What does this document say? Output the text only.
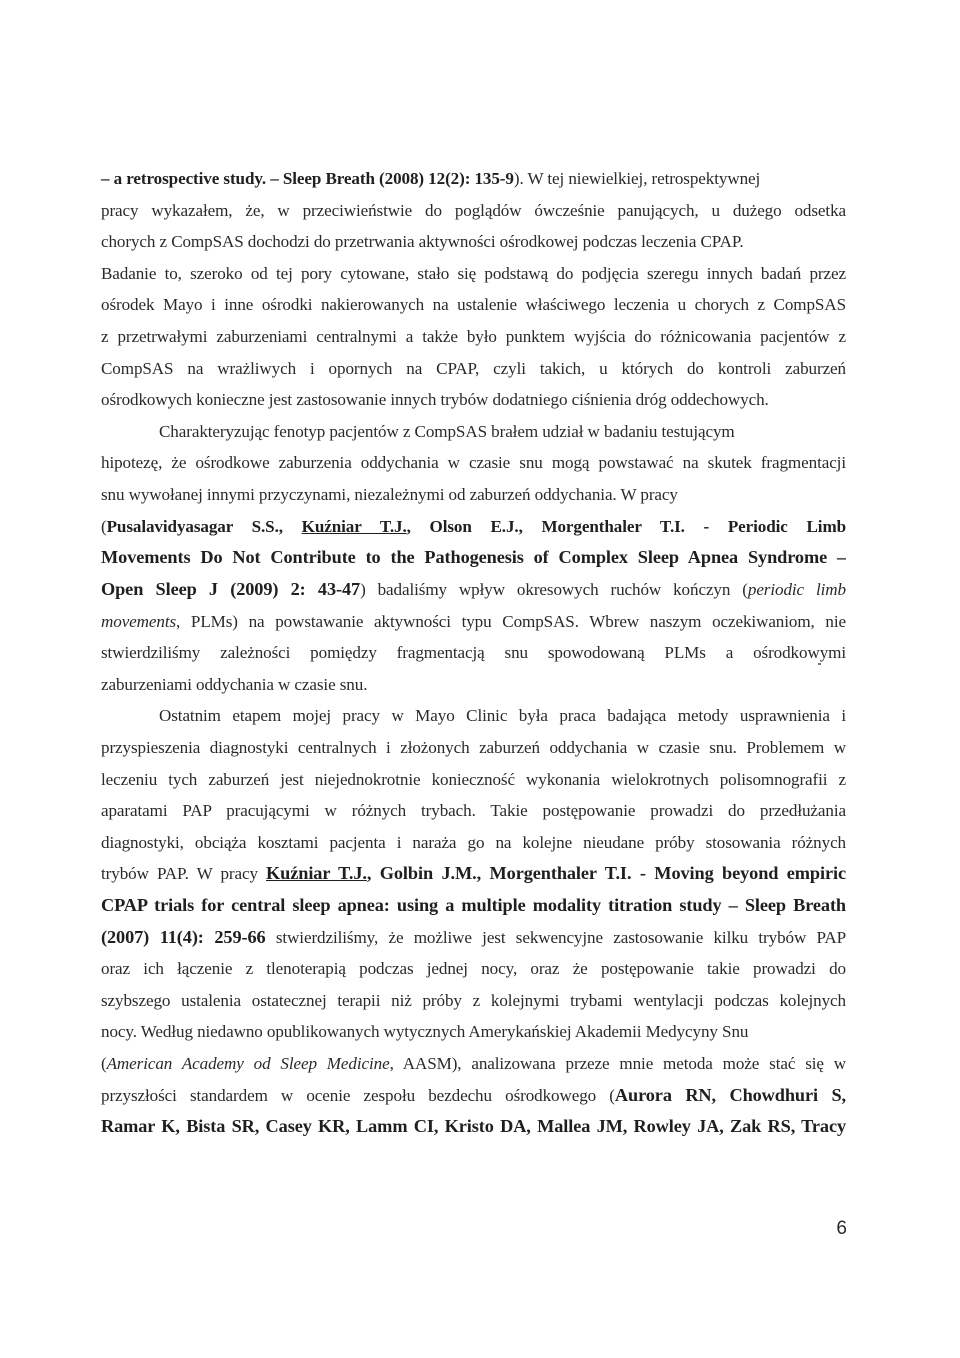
– a retrospective study. – Sleep Breath (2008) 12(2): 135-9). W tej niewielkiej, retrospektywnej
pracy wykazałem, że, w przeciwieństwie do poglądów ówcześnie panujących, u dużego odsetka
chorych z CompSAS dochodzi do przetrwania aktywności ośrodkowej podczas leczenia CPAP.
Badanie to, szeroko od tej pory cytowane, stało się podstawą do podjęcia szeregu innych badań przez
ośrodek Mayo i inne ośrodki nakierowanych na ustalenie właściwego leczenia u chorych z CompSAS
z przetrwałymi zaburzeniami centralnymi a także było punktem wyjścia do różnicowania pacjentów z
CompSAS na wrażliwych i opornych na CPAP, czyli takich, u których do kontroli zaburzeń
ośrodkowych konieczne jest zastosowanie innych trybów dodatniego ciśnienia dróg oddechowych.
Charakteryzując fenotyp pacjentów z CompSAS brałem udział w badaniu testującym
hipotezę, że ośrodkowe zaburzenia oddychania w czasie snu mogą powstawać na skutek fragmentacji
snu wywołanej innymi przyczynami, niezależnymi od zaburzeń oddychania. W pracy
(Pusalavidyasagar S.S., Kuźniar T.J., Olson E.J., Morgenthaler T.I. - Periodic Limb
Movements Do Not Contribute to the Pathogenesis of Complex Sleep Apnea Syndrome –
Open Sleep J (2009) 2: 43-47) badaliśmy wpływ okresowych ruchów kończyn (periodic limb
movements, PLMs) na powstawanie aktywności typu CompSAS. Wbrew naszym oczekiwaniom, nie
stwierdziliśmy zależności pomiędzy fragmentacją snu spowodowaną PLMs a ośrodkowymi
zaburzeniami oddychania w czasie snu.
Ostatnim etapem mojej pracy w Mayo Clinic była praca badająca metody usprawnienia i
przyspieszenia diagnostyki centralnych i złożonych zaburzeń oddychania w czasie snu. Problemem w
leczeniu tych zaburzeń jest niejednokrotnie konieczność wykonania wielokrotnych polisomnografii z
aparatami PAP pracującymi w różnych trybach. Takie postępowanie prowadzi do przedłużania
diagnostyki, obciąża kosztami pacjenta i naraża go na kolejne nieudane próby stosowania różnych
trybów PAP. W pracy Kuźniar T.J., Golbin J.M., Morgenthaler T.I. - Moving beyond empiric
CPAP trials for central sleep apnea: using a multiple modality titration study – Sleep Breath
(2007) 11(4): 259-66 stwierdziliśmy, że możliwe jest sekwencyjne zastosowanie kilku trybów PAP
oraz ich łączenie z tlenoterapią podczas jednej nocy, oraz że postępowanie takie prowadzi do
szybszego ustalenia ostatecznej terapii niż próby z kolejnymi trybami wentylacji podczas kolejnych
nocy. Według niedawno opublikowanych wytycznych Amerykańskiej Akademii Medycyny Snu
(American Academy od Sleep Medicine, AASM), analizowana przeze mnie metoda może stać się w
przyszłości standardem w ocenie zespołu bezdechu ośrodkowego (Aurora RN, Chowdhuri S,
Ramar K, Bista SR, Casey KR, Lamm CI, Kristo DA, Mallea JM, Rowley JA, Zak RS, Tracy
6
